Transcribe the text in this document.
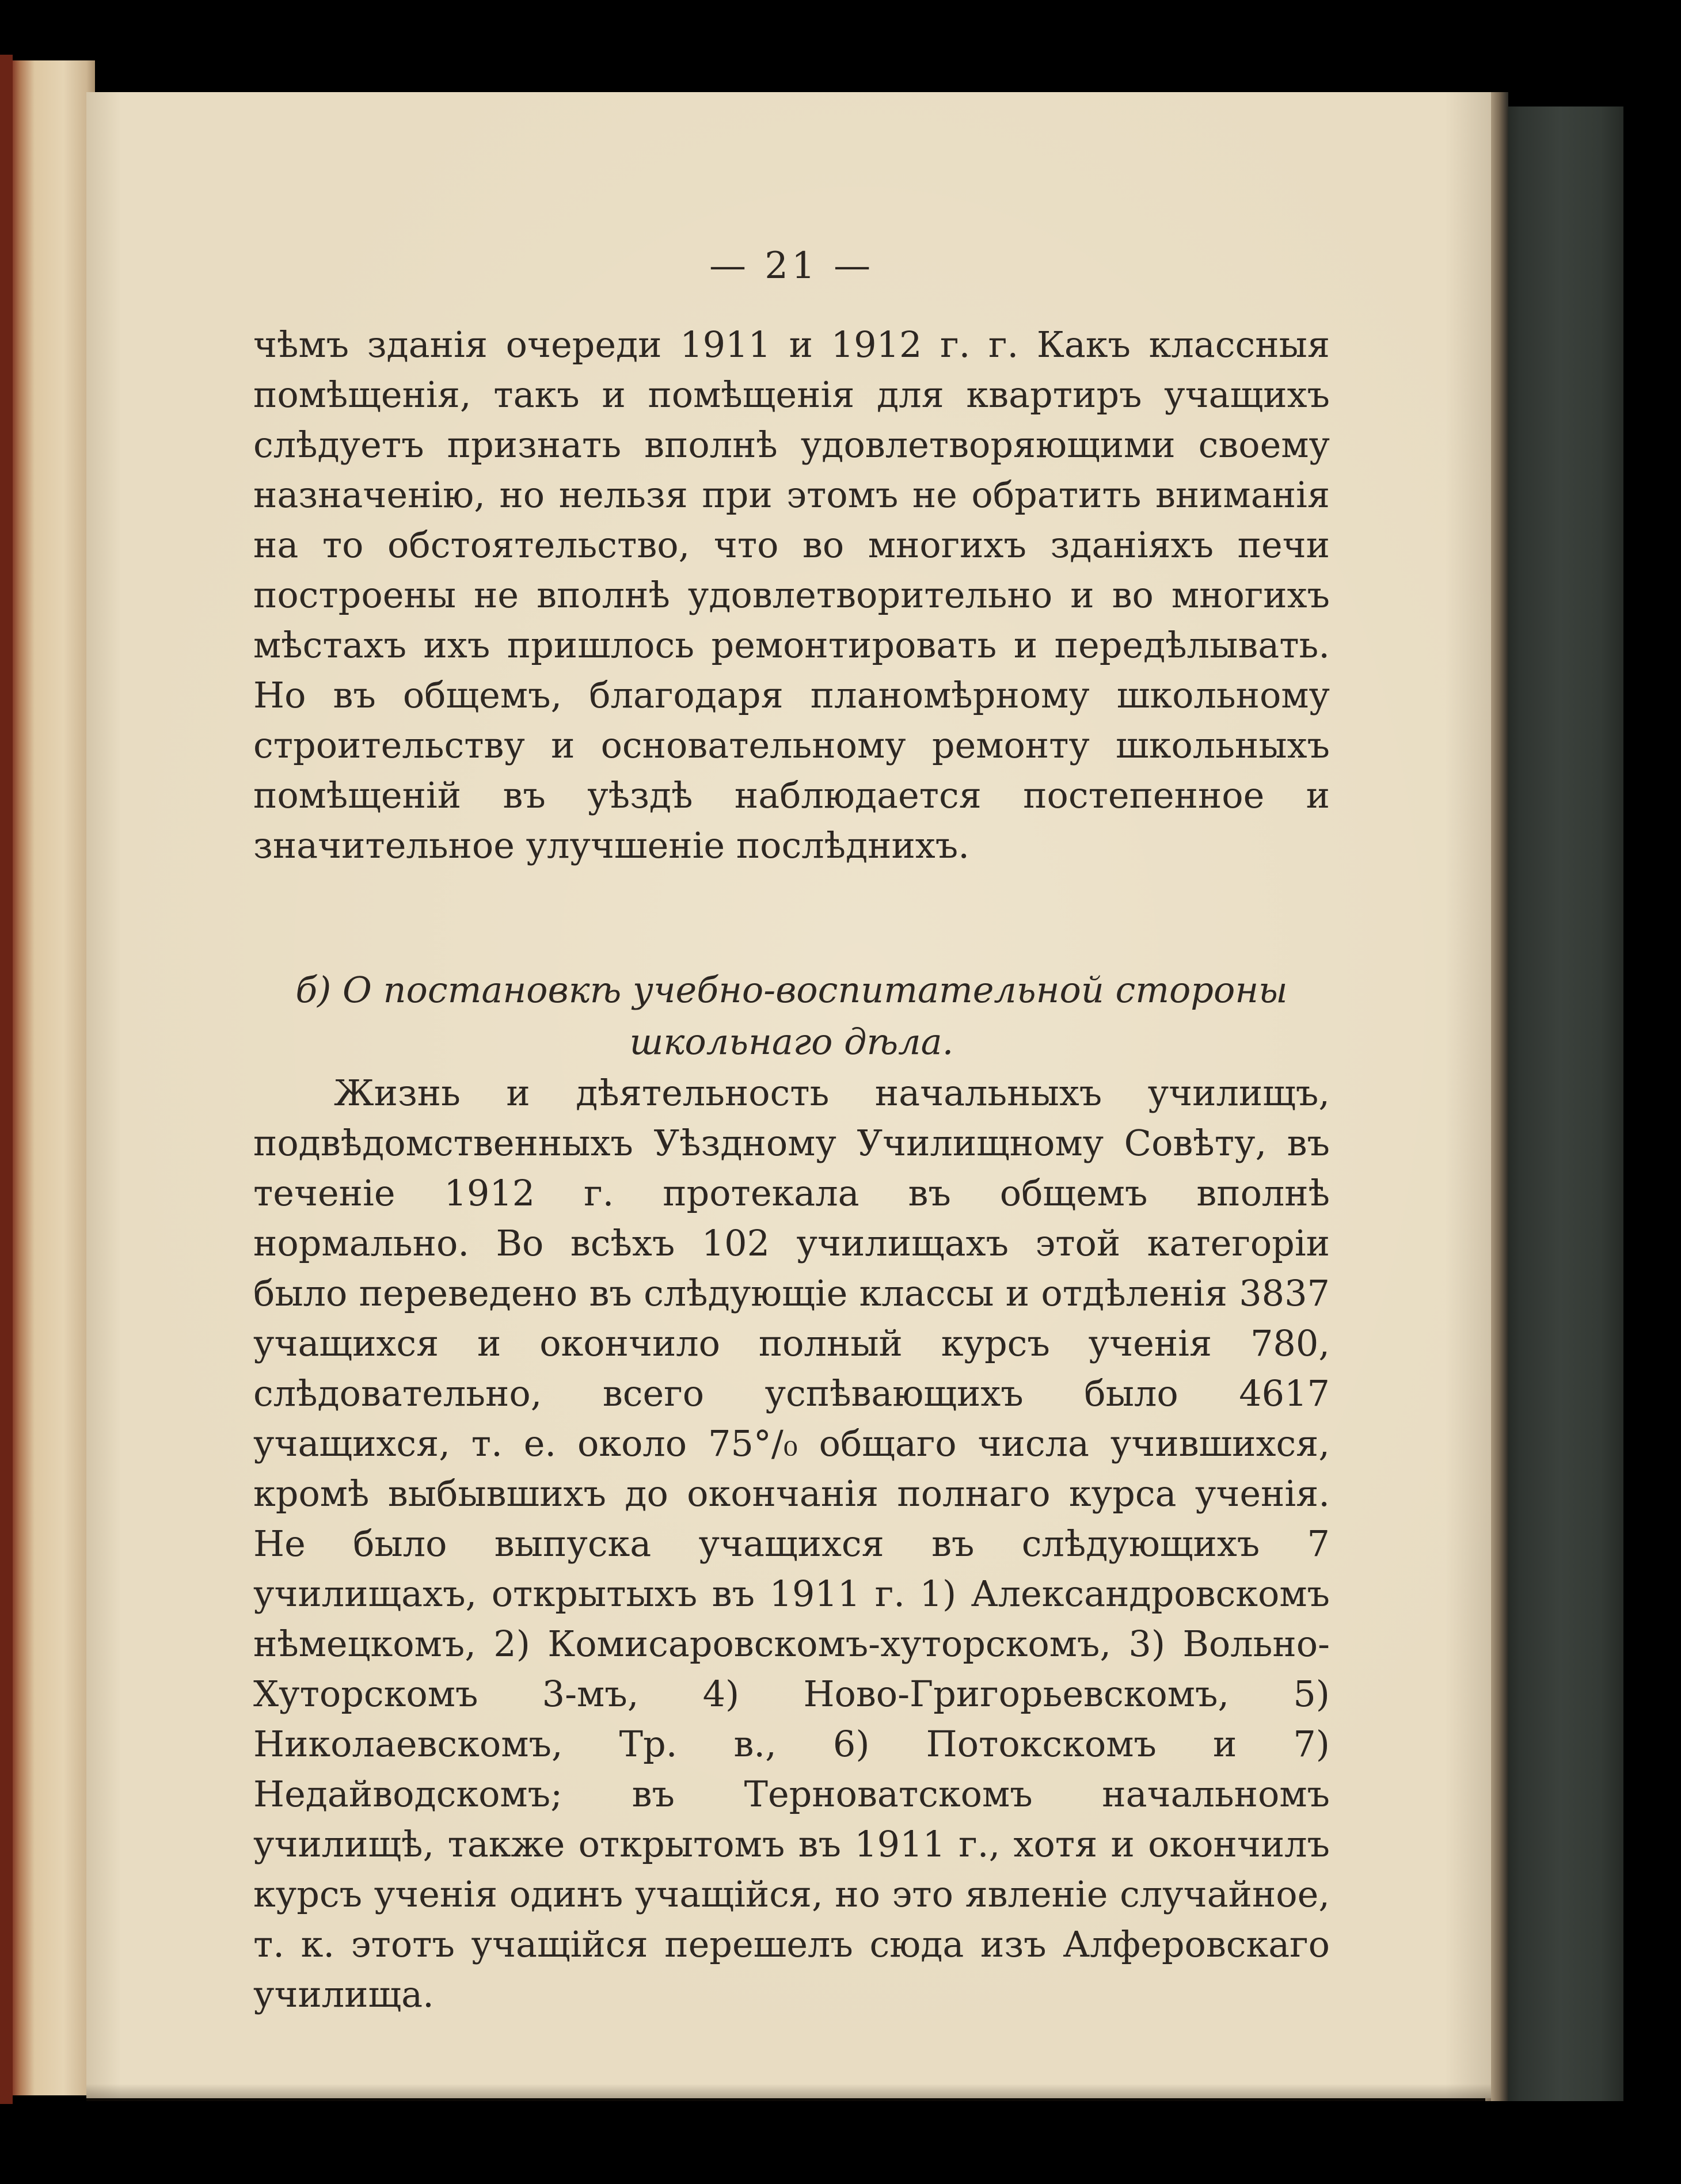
— 21 —

чѣмъ зданія очереди 1911 и 1912 г. г. Какъ классныя помѣщенія, такъ и помѣщенія для квартиръ учащихъ слѣдуетъ признать вполнѣ удовлетворяющими своему назначенію, но нельзя при этомъ не обратить вниманія на то обстоятельство, что во многихъ зданіяхъ печи построены не вполнѣ удовлетворительно и во многихъ мѣстахъ ихъ пришлось ремонтировать и передѣлывать. Но въ общемъ, благодаря планомѣрному школьному строительству и основательному ремонту школьныхъ помѣщеній въ уѣздѣ наблюдается постепенное и значительное улучшеніе послѣднихъ.

б) О постановкѣ учебно-воспитательной стороны
школьнаго дѣла.

Жизнь и дѣятельность начальныхъ училищъ, подвѣдомственныхъ Уѣздному Училищному Совѣту, въ теченіе 1912 г. протекала въ общемъ вполнѣ нормально. Во всѣхъ 102 училищахъ этой категоріи было переведено въ слѣдующіе классы и отдѣленія 3837 учащихся и окончило полный курсъ ученія 780, слѣдовательно, всего успѣвающихъ было 4617 учащихся, т. е. около 75°/₀ общаго числа учившихся, кромѣ выбывшихъ до окончанія полнаго курса ученія. Не было выпуска учащихся въ слѣдующихъ 7 училищахъ, открытыхъ въ 1911 г. 1) Александровскомъ нѣмецкомъ, 2) Комисаровскомъ-хуторскомъ, 3) Вольно-Хуторскомъ 3-мъ, 4) Ново-Григорьевскомъ, 5) Николаевскомъ, Тр. в., 6) Потокскомъ и 7) Недайводскомъ; въ Терноватскомъ начальномъ училищѣ, также открытомъ въ 1911 г., хотя и окончилъ курсъ ученія одинъ учащійся, но это явленіе случайное, т. к. этотъ учащійся перешелъ сюда изъ Алферовскаго училища.
